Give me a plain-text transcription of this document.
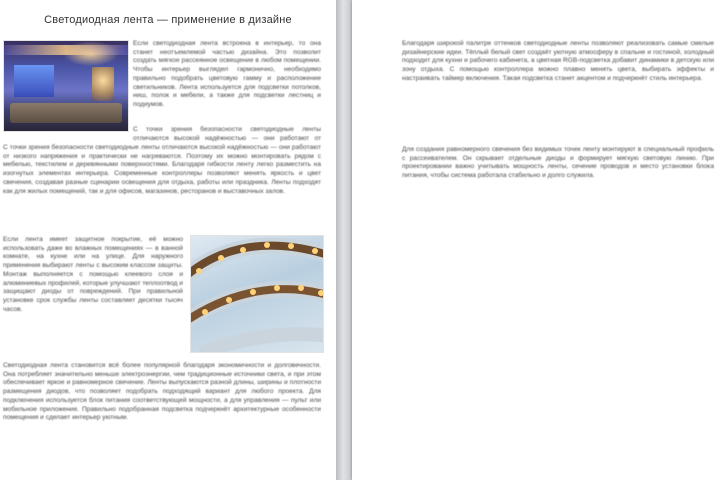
Светодиодная лента — применение в дизайне

Если светодиодная лента встроена в интерьер, то она станет неотъемлемой частью дизайна. Это позволит создать мягкое рассеянное освещение в любом помещении. Чтобы интерьер выглядел гармонично, необходимо правильно подобрать цветовую гамму и расположение светильников. Лента используется для подсветки потолков, ниш, полок и мебели, а также для подсветки лестниц и подиумов.

С точки зрения безопасности светодиодные ленты отличаются высокой надёжностью — они работают от

С точки зрения безопасности светодиодные ленты отличаются высокой надёжностью — они работают от низкого напряжения и практически не нагреваются. Поэтому их можно монтировать рядом с мебелью, текстилем и деревянными поверхностями. Благодаря гибкости ленту легко разместить на изогнутых элементах интерьера. Современные контроллеры позволяют менять яркость и цвет свечения, создавая разные сценарии освещения для отдыха, работы или праздника. Ленты подходят как для жилых помещений, так и для офисов, магазинов, ресторанов и выставочных залов.

Если лента имеет защитное покрытие, её можно использовать даже во влажных помещениях — в ванной комнате, на кухне или на улице. Для наружного применения выбирают ленты с высоким классом защиты. Монтаж выполняется с помощью клеевого слоя и алюминиевых профилей, которые улучшают теплоотвод и защищают диоды от повреждений. При правильной установке срок службы ленты составляет десятки тысяч часов.

Светодиодная лента становится всё более популярной благодаря экономичности и долговечности. Она потребляет значительно меньше электроэнергии, чем традиционные источники света, и при этом обеспечивает яркое и равномерное свечение. Ленты выпускаются разной длины, ширины и плотности размещения диодов, что позволяет подобрать подходящий вариант для любого проекта. Для подключения используется блок питания соответствующей мощности, а для управления — пульт или мобильное приложение. Правильно подобранная подсветка подчеркнёт архитектурные особенности помещения и сделает интерьер уютным.

Благодаря широкой палитре оттенков светодиодные ленты позволяют реализовать самые смелые дизайнерские идеи. Тёплый белый свет создаёт уютную атмосферу в спальне и гостиной, холодный подходит для кухни и рабочего кабинета, а цветная RGB-подсветка добавит динамики в детскую или зону отдыха. С помощью контроллера можно плавно менять цвета, выбирать эффекты и настраивать таймер включения. Такая подсветка станет акцентом и подчеркнёт стиль интерьера.

Для создания равномерного свечения без видимых точек ленту монтируют в специальный профиль с рассеивателем. Он скрывает отдельные диоды и формирует мягкую световую линию. При проектировании важно учитывать мощность ленты, сечение проводов и место установки блока питания, чтобы система работала стабильно и долго служила.
